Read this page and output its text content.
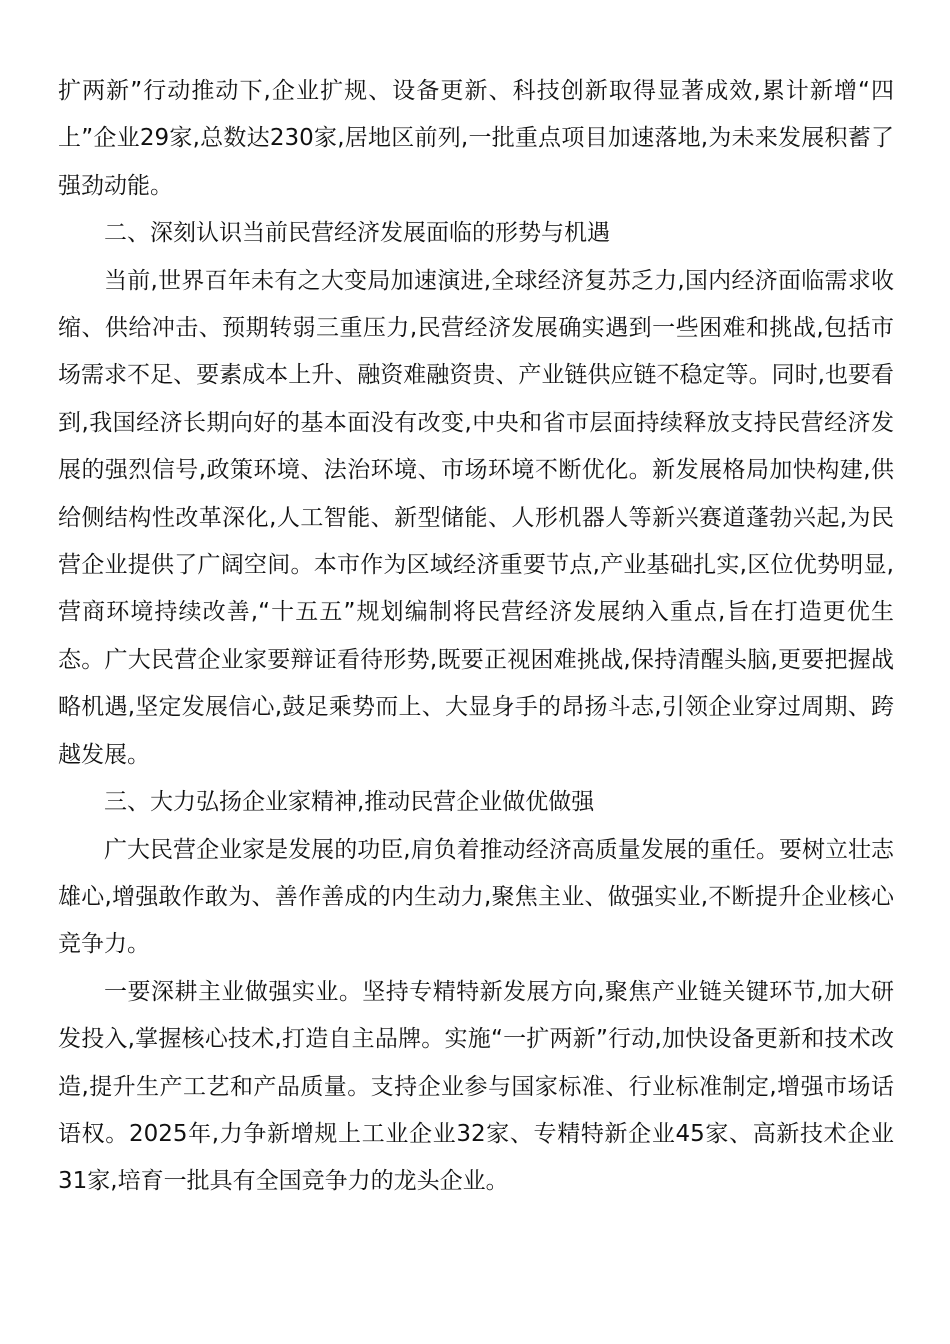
扩两新”行动推动下,企业扩规、设备更新、科技创新取得显著成效,累计新增“四上”企业29家,总数达230家,居地区前列,一批重点项目加速落地,为未来发展积蓄了强劲动能。

二、深刻认识当前民营经济发展面临的形势与机遇

当前,世界百年未有之大变局加速演进,全球经济复苏乏力,国内经济面临需求收缩、供给冲击、预期转弱三重压力,民营经济发展确实遇到一些困难和挑战,包括市场需求不足、要素成本上升、融资难融资贵、产业链供应链不稳定等。同时,也要看到,我国经济长期向好的基本面没有改变,中央和省市层面持续释放支持民营经济发展的强烈信号,政策环境、法治环境、市场环境不断优化。新发展格局加快构建,供给侧结构性改革深化,人工智能、新型储能、人形机器人等新兴赛道蓬勃兴起,为民营企业提供了广阔空间。本市作为区域经济重要节点,产业基础扎实,区位优势明显,营商环境持续改善,“十五五”规划编制将民营经济发展纳入重点,旨在打造更优生态。广大民营企业家要辩证看待形势,既要正视困难挑战,保持清醒头脑,更要把握战略机遇,坚定发展信心,鼓足乘势而上、大显身手的昂扬斗志,引领企业穿过周期、跨越发展。

三、大力弘扬企业家精神,推动民营企业做优做强

广大民营企业家是发展的功臣,肩负着推动经济高质量发展的重任。要树立壮志雄心,增强敢作敢为、善作善成的内生动力,聚焦主业、做强实业,不断提升企业核心竞争力。

一要深耕主业做强实业。坚持专精特新发展方向,聚焦产业链关键环节,加大研发投入,掌握核心技术,打造自主品牌。实施“一扩两新”行动,加快设备更新和技术改造,提升生产工艺和产品质量。支持企业参与国家标准、行业标准制定,增强市场话语权。2025年,力争新增规上工业企业32家、专精特新企业45家、高新技术企业31家,培育一批具有全国竞争力的龙头企业。
